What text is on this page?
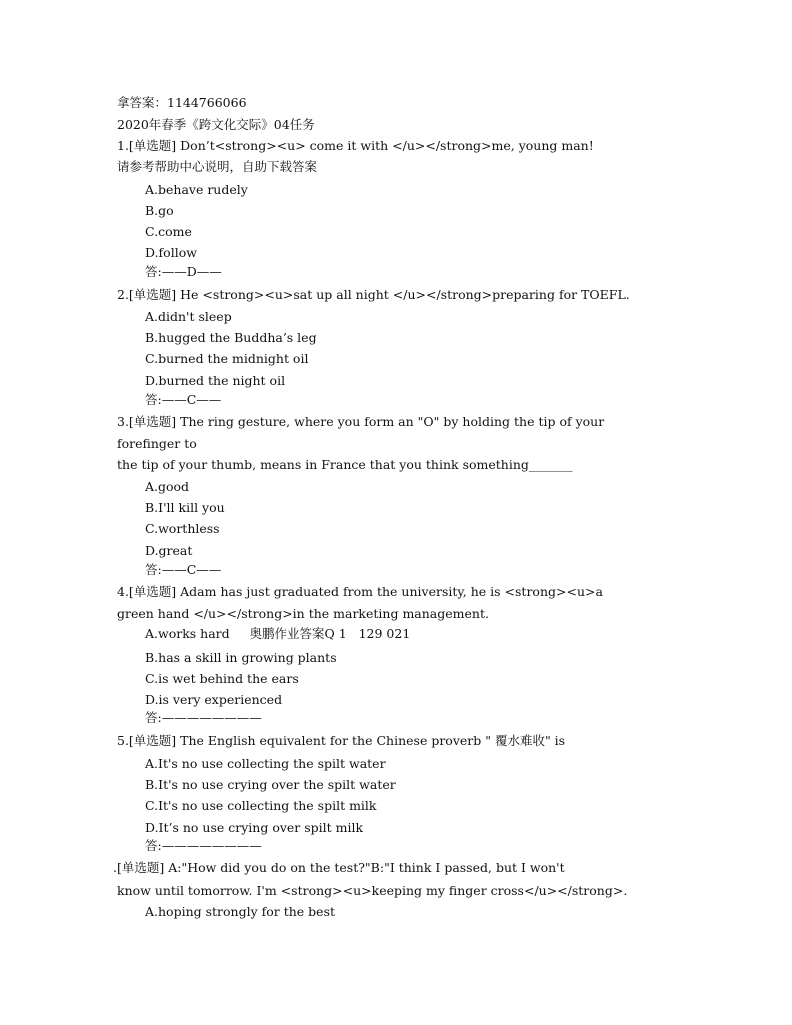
拿答案：1144766066
2020年春季《跨文化交际》04任务
1.[单选题] Don’t<strong><u> come it with </u></strong>me, young man!
请参考帮助中心说明，自助下载答案
A.behave rudely
B.go
C.come
D.follow
答:——D——
2.[单选题] He <strong><u>sat up all night </u></strong>preparing for TOEFL.
A.didn't sleep
B.hugged the Buddha’s leg
C.burned the midnight oil
D.burned the night oil
答:——C——
3.[单选题] The ring gesture, where you form an "O" by holding the tip of your
forefinger to
the tip of your thumb, means in France that you think something_______
A.good
B.I'll kill you
C.worthless
D.great
答:——C——
4.[单选题] Adam has just graduated from the university, he is <strong><u>a
green hand </u></strong>in the marketing management.
A.works hard     奥鹏作业答案Q 1   129 021
B.has a skill in growing plants
C.is wet behind the ears
D.is very experienced
答:————————
5.[单选题] The English equivalent for the Chinese proverb " 覆水难收" is
A.It's no use collecting the spilt water
B.It's no use crying over the spilt water
C.It's no use collecting the spilt milk
D.It’s no use crying over spilt milk
答:————————
.[单选题] A:"How did you do on the test?"B:"I think I passed, but I won't
know until tomorrow. I'm <strong><u>keeping my finger cross</u></strong>.
A.hoping strongly for the best
